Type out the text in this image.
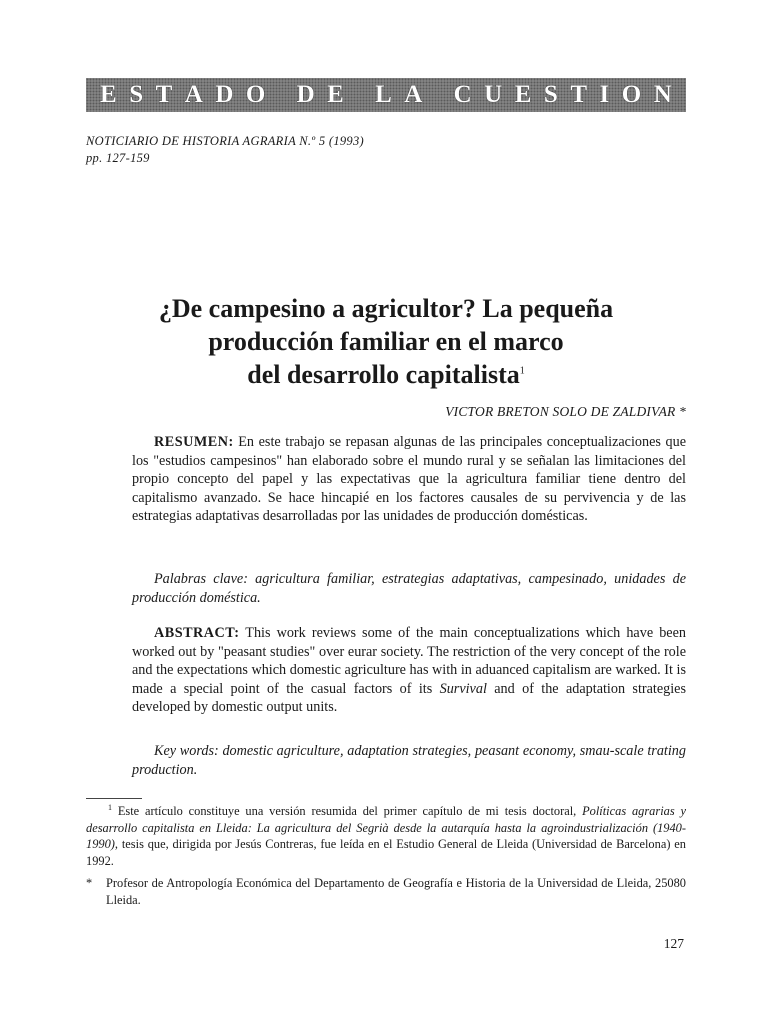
E S T A D O
D E
L A
C U E S T I O N
NOTICIARIO DE HISTORIA AGRARIA N.º 5 (1993)
pp. 127-159
¿De campesino a agricultor? La pequeña
producción familiar en el marco
del desarrollo capitalista$^1$
VICTOR BRETON SOLO DE ZALDIVAR *

RESUMEN: En este trabajo se repasan algunas de las principales conceptualizaciones que los "estudios campesinos" han elaborado sobre el mundo rural y se señalan las limitaciones del propio concepto del papel y las expectativas que la agricultura familiar tiene dentro del capitalismo avanzado. Se hace hincapié en los factores causales de su pervivencia y de las estrategias adaptativas desarrolladas por las unidades de producción domésticas.

Palabras clave: agricultura familiar, estrategias adaptativas, campesinado, unidades de producción doméstica.

ABSTRACT: This work reviews some of the main conceptualizations which have been worked out by "peasant studies" over eurar society. The restriction of the very concept of the role and the expectations which domestic agriculture has with in aduanced capitalism are warked. It is made a special point of the casual factors of its Survival and of the adaptation strategies developed by domestic output units.

Key words: domestic agriculture, adaptation strategies, peasant economy, smau-scale trating production.

$^1$ Este artículo constituye una versión resumida del primer capítulo de mi tesis doctoral, Políticas agrarias y desarrollo capitalista en Lleida: La agricultura del Segrià desde la autarquía hasta la agroindustrialización (1940-1990), tesis que, dirigida por Jesús Contreras, fue leída en el Estudio General de Lleida (Universidad de Barcelona) en 1992.

* Profesor de Antropología Económica del Departamento de Geografía e Historia de la Universidad de Lleida, 25080 Lleida.

127
